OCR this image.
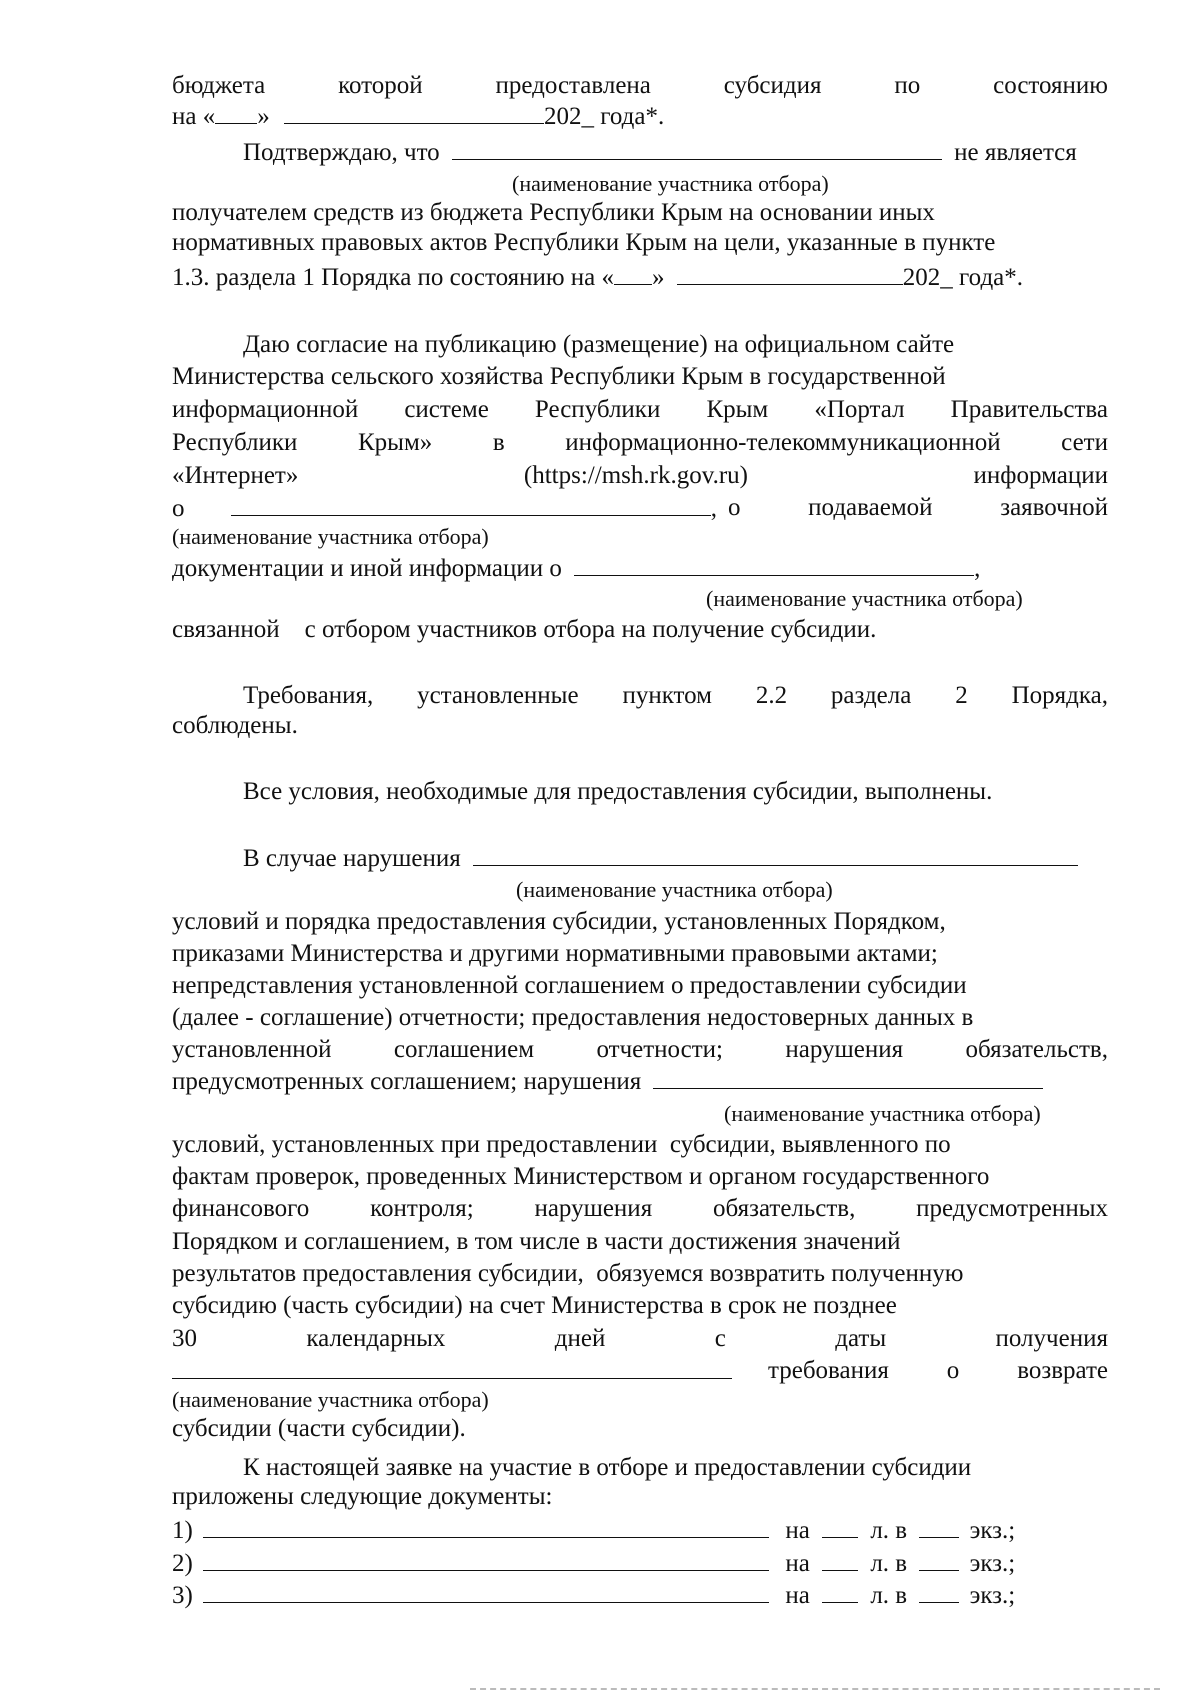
бюджета	которой	предоставлена	субсидия	по	состоянию
на « »	202_ года*.
Подтверждаю, что	не является
(наименование участника отбора)
получателем средств из бюджета Республики Крым на основании иных
нормативных правовых актов Республики Крым на цели, указанные в пункте
1.3. раздела 1 Порядка по состоянию на « »	202_ года*.
Даю согласие на публикацию (размещение) на официальном сайте
Министерства сельского хозяйства Республики Крым в государственной
информационной системе Республики Крым «Портал Правительства
Республики Крым» в информационно-телекоммуникационной сети
«Интернет»	(https://msh.rk.gov.ru)	информации
о	, о	подаваемой	заявочной
(наименование участника отбора)
документации и иной информации о	,
(наименование участника отбора)
связанной    с отбором участников отбора на получение субсидии.
Требования, установленные пунктом 2.2 раздела 2 Порядка,
соблюдены.
Все условия, необходимые для предоставления субсидии, выполнены.
В случае нарушения
(наименование участника отбора)
условий и порядка предоставления субсидии, установленных Порядком,
приказами Министерства и другими нормативными правовыми актами;
непредставления установленной соглашением о предоставлении субсидии
(далее - соглашение) отчетности; предоставления недостоверных данных в
установленной соглашением отчетности; нарушения обязательств,
предусмотренных соглашением; нарушения
(наименование участника отбора)
условий, установленных при предоставлении  субсидии, выявленного по
фактам проверок, проведенных Министерством и органом государственного
финансового контроля; нарушения обязательств, предусмотренных
Порядком и соглашением, в том числе в части достижения значений
результатов предоставления субсидии,  обязуемся возвратить полученную
субсидию (часть субсидии) на счет Министерства в срок не позднее
30	календарных	дней	с	даты	получения
требования о возврате
(наименование участника отбора)
субсидии (части субсидии).
К настоящей заявке на участие в отборе и предоставлении субсидии
приложены следующие документы:
1)	на л. в	экз.;
2)	на л. в	экз.;
3)	на л. в	экз.;
